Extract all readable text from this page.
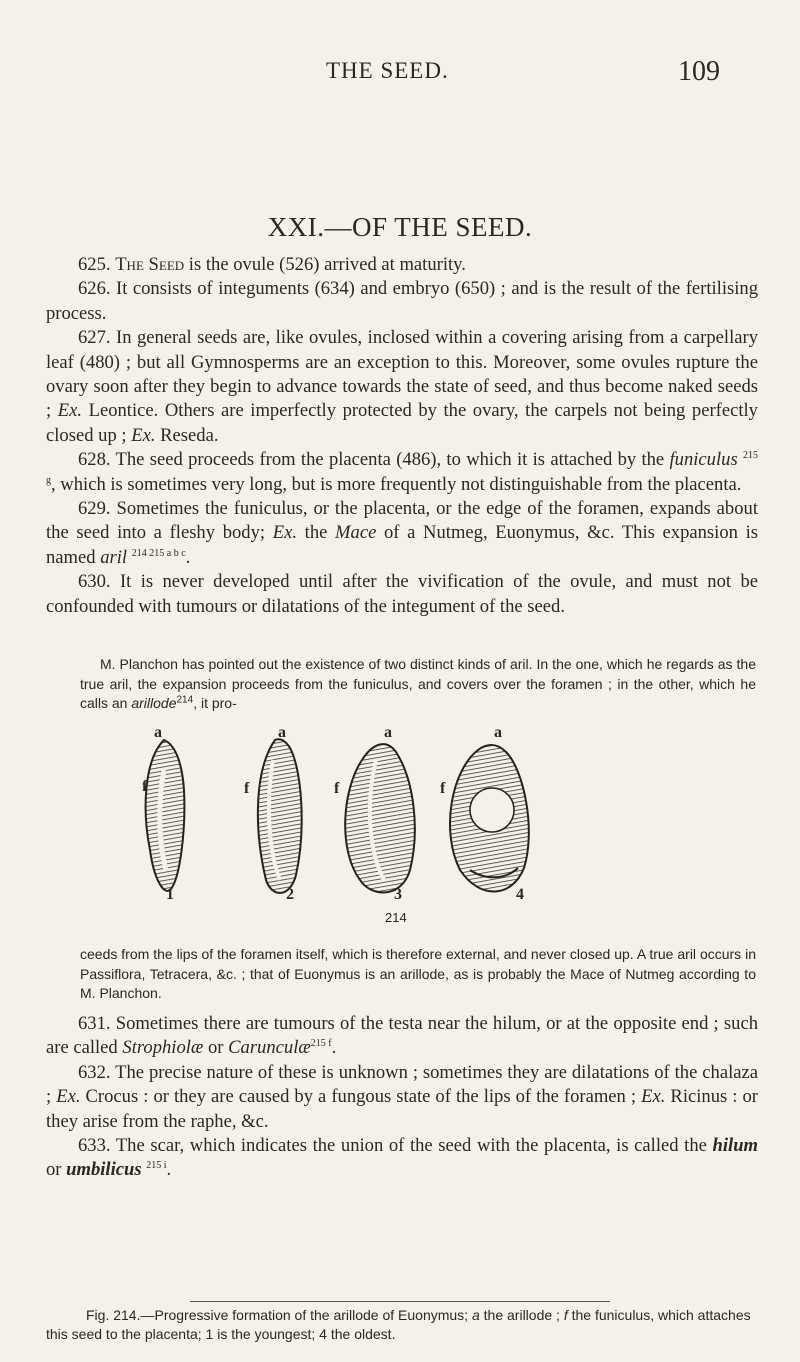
THE SEED.	109
XXI.—OF THE SEED.

625. The Seed is the ovule (526) arrived at maturity.

626. It consists of integuments (634) and embryo (650) ; and is the result of the fertilising process.

627. In general seeds are, like ovules, inclosed within a covering arising from a carpellary leaf (480) ; but all Gymnosperms are an exception to this. Moreover, some ovules rupture the ovary soon after they begin to advance towards the state of seed, and thus become naked seeds ; Ex. Leontice. Others are imperfectly protected by the ovary, the carpels not being perfectly closed up ; Ex. Reseda.

628. The seed proceeds from the placenta (486), to which it is attached by the funiculus $^{215 g}$, which is sometimes very long, but is more frequently not distinguishable from the placenta.

629. Sometimes the funiculus, or the placenta, or the edge of the foramen, expands about the seed into a fleshy body; Ex. the Mace of a Nutmeg, Euonymus, &c. This expansion is named aril $^{214 215 a b c}$.

630. It is never developed until after the vivification of the ovule, and must not be confounded with tumours or dilatations of the integument of the seed.

M. Planchon has pointed out the existence of two distinct kinds of aril. In the one, which he regards as the true aril, the expansion proceeds from the funiculus, and covers over the foramen ; in the other, which he calls an arillode$^{214}$, it pro-

a
f
1
a
f
2
a
f
3
a
f
4
214

ceeds from the lips of the foramen itself, which is therefore external, and never closed up. A true aril occurs in Passiflora, Tetracera, &c. ; that of Euonymus is an arillode, as is probably the Mace of Nutmeg according to M. Planchon.

631. Sometimes there are tumours of the testa near the hilum, or at the opposite end ; such are called Strophiolæ or Carunculæ$^{215 f}$.

632. The precise nature of these is unknown ; sometimes they are dilatations of the chalaza ; Ex. Crocus : or they are caused by a fungous state of the lips of the foramen ; Ex. Ricinus : or they arise from the raphe, &c.

633. The scar, which indicates the union of the seed with the placenta, is called the hilum or umbilicus $^{215 i}$.

Fig. 214.—Progressive formation of the arillode of Euonymus; a the arillode ; f the funiculus, which attaches this seed to the placenta; 1 is the youngest; 4 the oldest.
